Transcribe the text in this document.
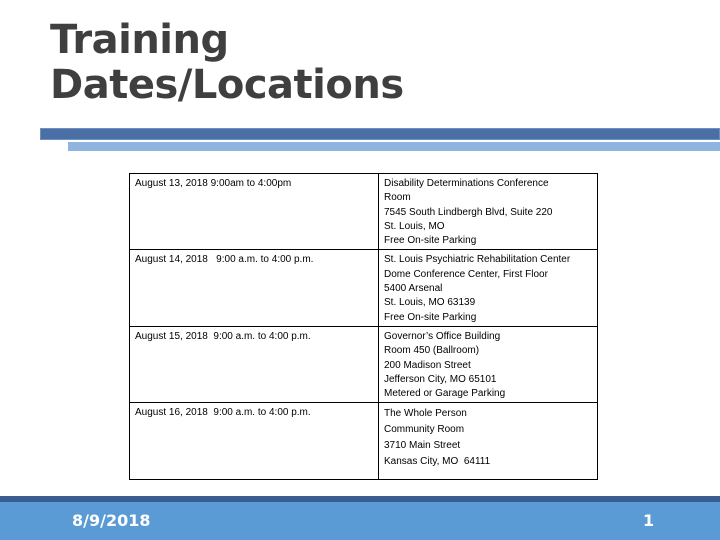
Training
Dates/Locations
August 13, 2018 9:00am to 4:00pm	Disability Determinations Conference
Room
7545 South Lindbergh Blvd, Suite 220
St. Louis, MO
Free On-site Parking

August 14, 2018   9:00 a.m. to 4:00 p.m.	St. Louis Psychiatric Rehabilitation Center
Dome Conference Center, First Floor
5400 Arsenal
St. Louis, MO 63139
Free On-site Parking

August 15, 2018  9:00 a.m. to 4:00 p.m.	Governor’s Office Building
Room 450 (Ballroom)
200 Madison Street
Jefferson City, MO 65101
Metered or Garage Parking

August 16, 2018  9:00 a.m. to 4:00 p.m.	The Whole Person
Community Room
3710 Main Street
Kansas City, MO  64111
8/9/2018	1
